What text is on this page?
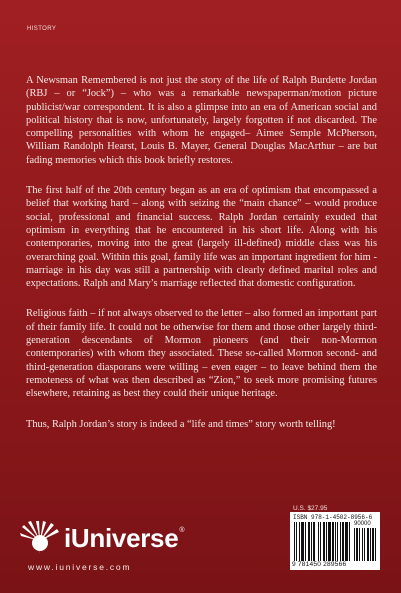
HISTORY

A Newsman Remembered is not just the story of the life of Ralph Burdette Jordan (RBJ – or “Jock”) – who was a remarkable newspaperman/motion picture publicist/war correspondent. It is also a glimpse into an era of American social and political history that is now, unfortunately, largely forgotten if not discarded. The compelling personalities with whom he engaged– Aimee Semple McPherson, William Randolph Hearst, Louis B. Mayer, General Douglas MacArthur – are but fading memories which this book briefly restores.

The first half of the 20th century began as an era of optimism that encompassed a belief that working hard – along with seizing the “main chance” – would produce social, professional and financial success. Ralph Jordan certainly exuded that optimism in everything that he encountered in his short life. Along with his contemporaries, moving into the great (largely ill-defined) middle class was his overarching goal. Within this goal, family life was an important ingredient for him - marriage in his day was still a partnership with clearly defined marital roles and expectations. Ralph and Mary’s marriage reflected that domestic configuration.

Religious faith – if not always observed to the letter – also formed an important part of their family life. It could not be otherwise for them and those other largely third-generation descendants of Mormon pioneers (and their non-Mormon contemporaries) with whom they associated. These so-called Mormon second- and third-generation diasporans were willing – even eager – to leave behind them the remoteness of what was then described as “Zion,” to seek more promising futures elsewhere, retaining as best they could their unique heritage.

Thus, Ralph Jordan’s story is indeed a “life and times” story worth telling!

U.S. $27.95
ISBN 978-1-4502-8956-6
90000
9 781450 289566
iUniverse ®
www.iuniverse.com
